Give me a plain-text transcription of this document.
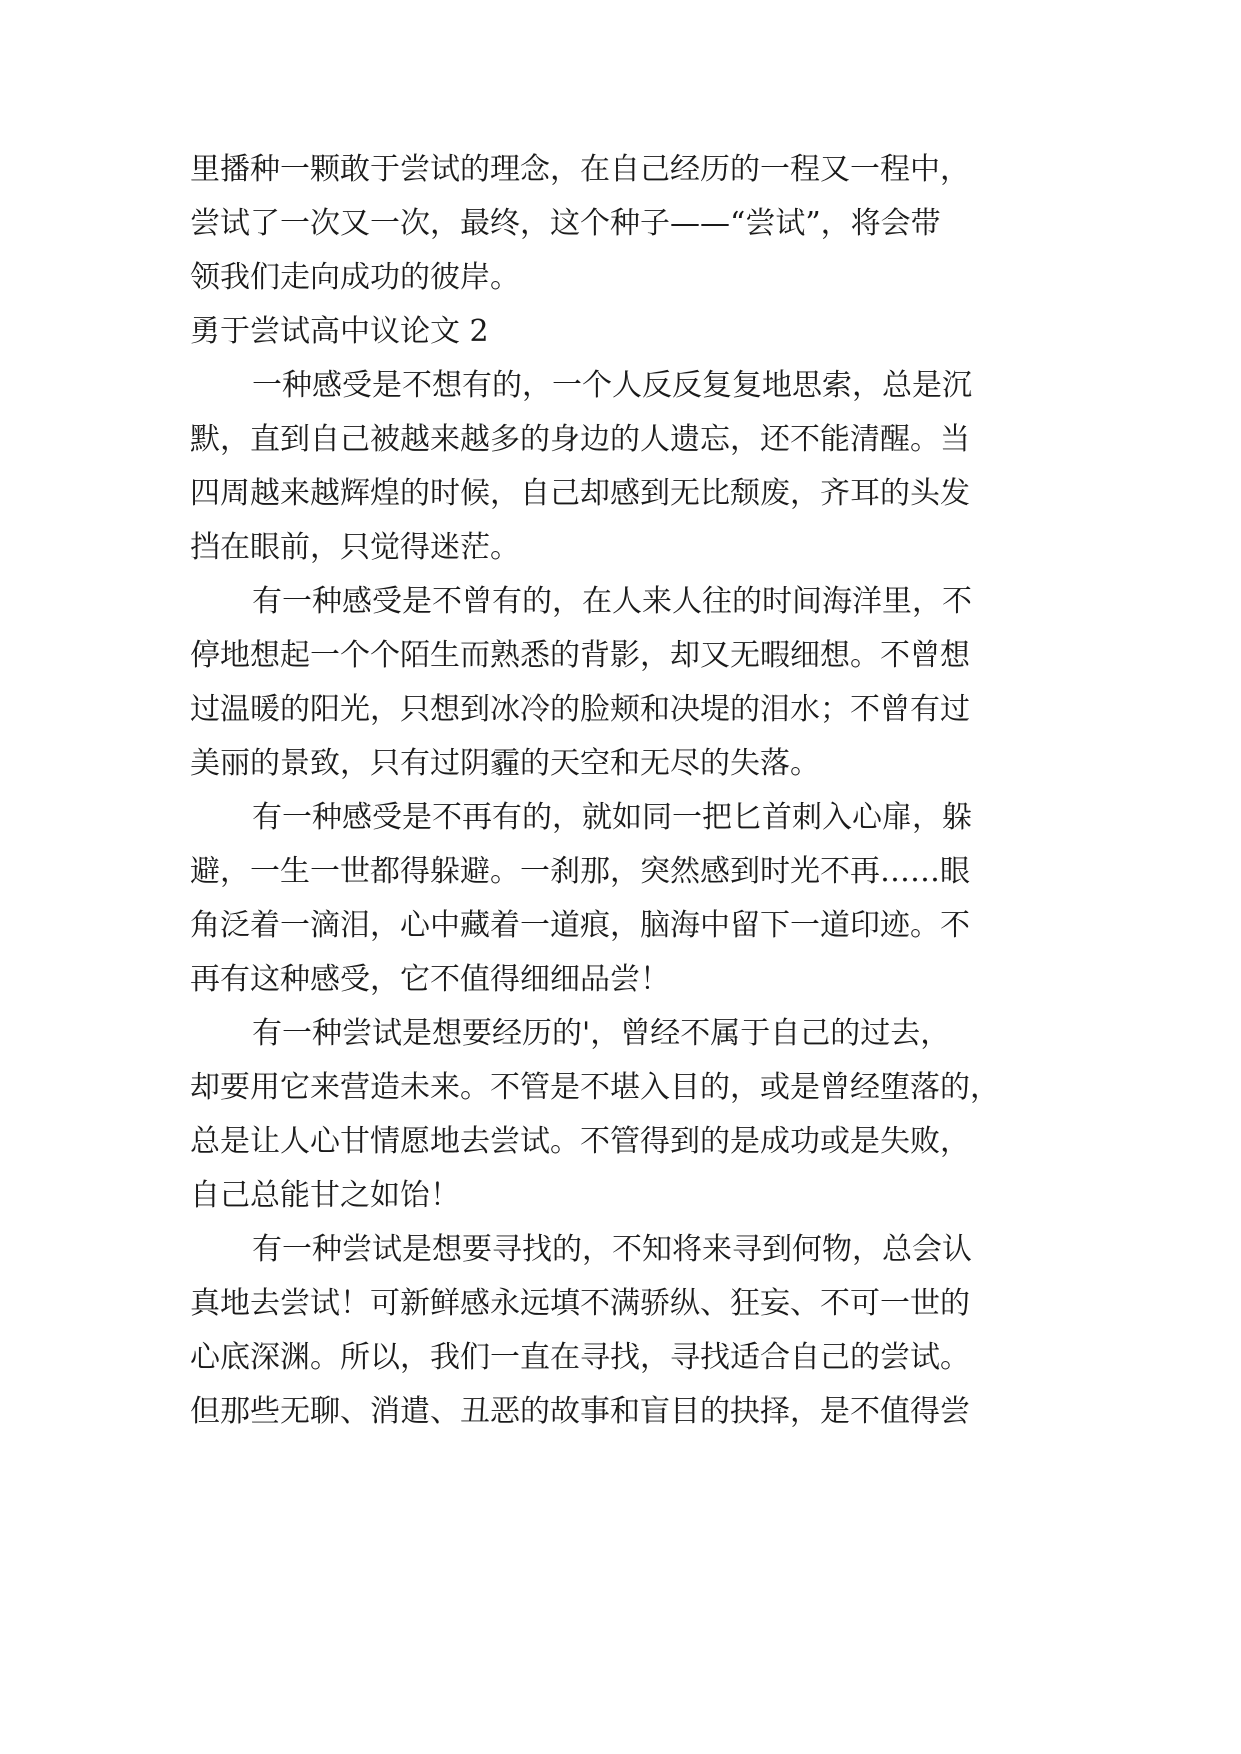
里播种一颗敢于尝试的理念，在自己经历的一程又一程中，
尝试了一次又一次，最终，这个种子——“尝试”，将会带
领我们走向成功的彼岸。
勇于尝试高中议论文 2
一种感受是不想有的，一个人反反复复地思索，总是沉
默，直到自己被越来越多的身边的人遗忘，还不能清醒。当
四周越来越辉煌的时候，自己却感到无比颓废，齐耳的头发
挡在眼前，只觉得迷茫。
有一种感受是不曾有的，在人来人往的时间海洋里，不
停地想起一个个陌生而熟悉的背影，却又无暇细想。不曾想
过温暖的阳光，只想到冰冷的脸颊和决堤的泪水；不曾有过
美丽的景致，只有过阴霾的天空和无尽的失落。
有一种感受是不再有的，就如同一把匕首刺入心扉，躲
避，一生一世都得躲避。一刹那，突然感到时光不再……眼
角泛着一滴泪，心中藏着一道痕，脑海中留下一道印迹。不
再有这种感受，它不值得细细品尝！
有一种尝试是想要经历的'，曾经不属于自己的过去，
却要用它来营造未来。不管是不堪入目的，或是曾经堕落的，
总是让人心甘情愿地去尝试。不管得到的是成功或是失败，
自己总能甘之如饴！
有一种尝试是想要寻找的，不知将来寻到何物，总会认
真地去尝试！可新鲜感永远填不满骄纵、狂妄、不可一世的
心底深渊。所以，我们一直在寻找，寻找适合自己的尝试。
但那些无聊、消遣、丑恶的故事和盲目的抉择，是不值得尝
